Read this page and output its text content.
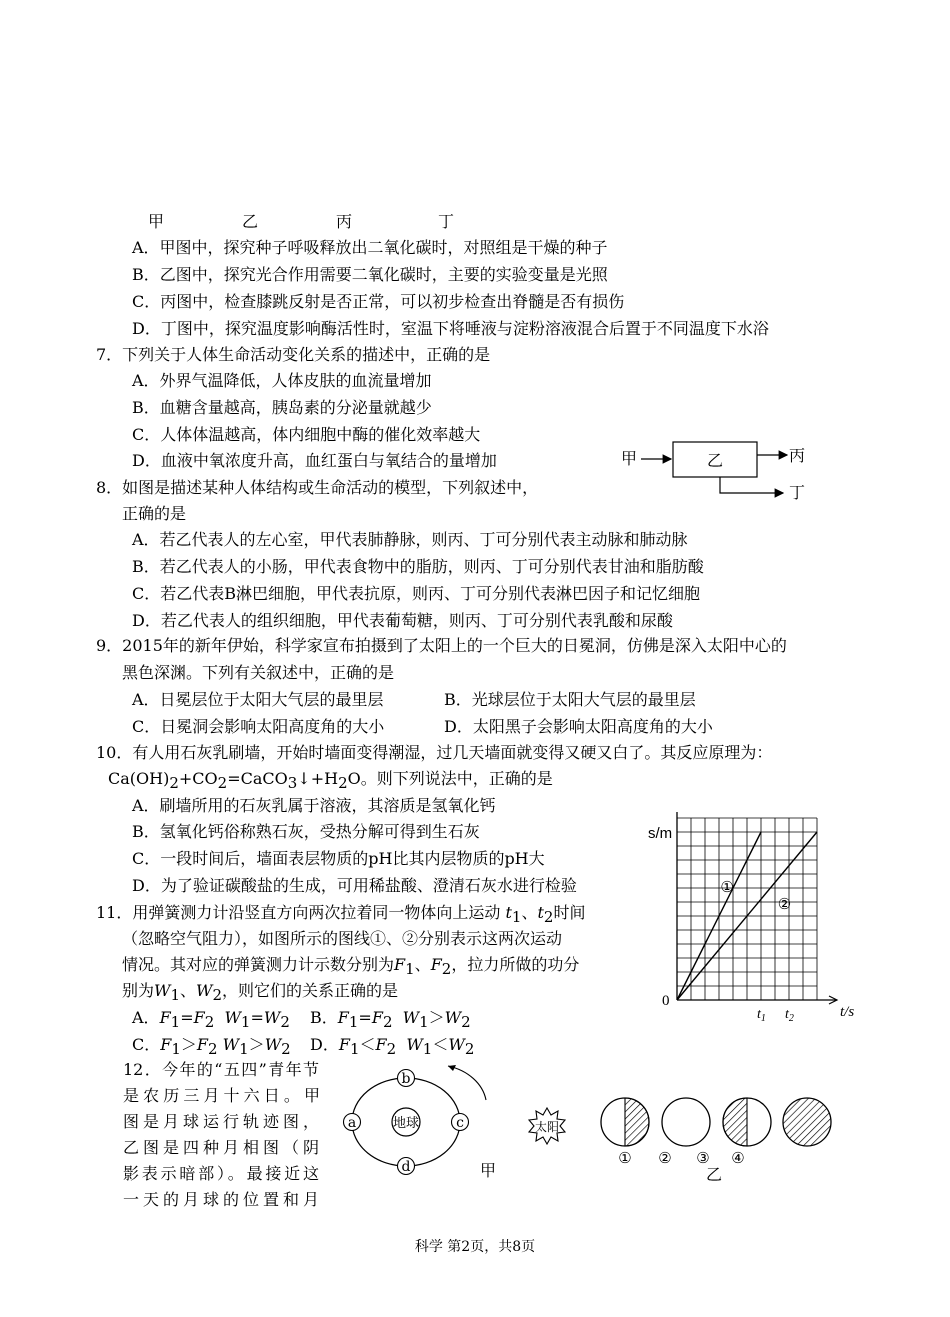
甲	乙	丙	丁
A．甲图中，探究种子呼吸释放出二氧化碳时，对照组是干燥的种子
B．乙图中，探究光合作用需要二氧化碳时，主要的实验变量是光照
C．丙图中，检查膝跳反射是否正常，可以初步检查出脊髓是否有损伤
D．丁图中，探究温度影响酶活性时，室温下将唾液与淀粉溶液混合后置于不同温度下水浴
7．下列关于人体生命活动变化关系的描述中，正确的是
A．外界气温降低，人体皮肤的血流量增加
B．血糖含量越高，胰岛素的分泌量就越少
C．人体体温越高，体内细胞中酶的催化效率越大
D．血液中氧浓度升高，血红蛋白与氧结合的量增加	甲	乙	丙
丁
8．如图是描述某种人体结构或生命活动的模型，下列叙述中，
正确的是
A．若乙代表人的左心室，甲代表肺静脉，则丙、丁可分别代表主动脉和肺动脉
B．若乙代表人的小肠，甲代表食物中的脂肪，则丙、丁可分别代表甘油和脂肪酸
C．若乙代表B淋巴细胞，甲代表抗原，则丙、丁可分别代表淋巴因子和记忆细胞
D．若乙代表人的组织细胞，甲代表葡萄糖，则丙、丁可分别代表乳酸和尿酸
9．2015年的新年伊始，科学家宣布拍摄到了太阳上的一个巨大的日冕洞，仿佛是深入太阳中心的
黑色深渊。下列有关叙述中，正确的是
A．日冕层位于太阳大气层的最里层	B．光球层位于太阳大气层的最里层
C．日冕洞会影响太阳高度角的大小	D．太阳黑子会影响太阳高度角的大小
10．有人用石灰乳刷墙，开始时墙面变得潮湿，过几天墙面就变得又硬又白了。其反应原理为：
$Ca(OH)_2+CO_2=CaCO_3↓+H_2O$。则下列说法中，正确的是
A．刷墙所用的石灰乳属于溶液，其溶质是氢氧化钙
B．氢氧化钙俗称熟石灰，受热分解可得到生石灰
C．一段时间后，墙面表层物质的pH比其内层物质的pH大
D．为了验证碳酸盐的生成，可用稀盐酸、澄清石灰水进行检验
11．用弹簧测力计沿竖直方向两次拉着同一物体向上运动 $t_1$、$t_2$时间
（忽略空气阻力），如图所示的图线①、②分别表示这两次运动
情况。其对应的弹簧测力计示数分别为$F_1$、$F_2$，拉力所做的功分
别为$W_1$、$W_2$，则它们的关系正确的是
A．$F_1=F_2$ $W_1=W_2$ B．$F_1=F_2$ $W_1>W_2$
C．$F_1>F_2$ $W_1>W_2$ D．$F_1<F_2$ $W_1<W_2$
①
②
$t_1$ $t_2$
s/m
t/s
0
12．今年的“五四”青年节
是农历三月十六日。甲
图是月球运行轨迹图，
乙图是四种月相图（阴
影表示暗部）。最接近这
一天的月球的位置和月
地球
a
b
c
d	甲
太阳
① ② ③ ④
乙
科学 第2页，共8页
